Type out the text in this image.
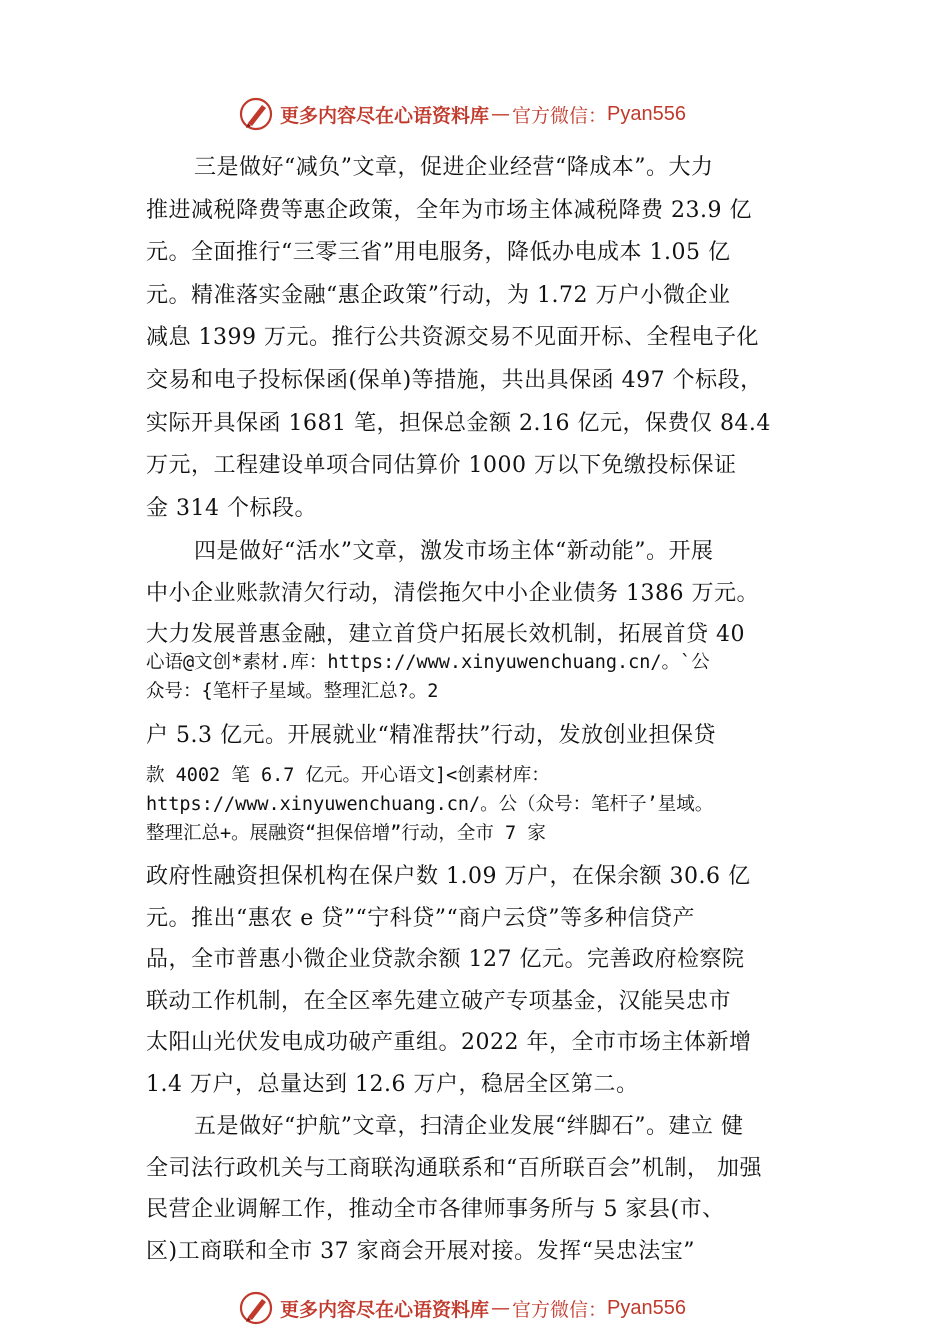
更多内容尽在心语资料库 — 官方微信： Pyan556
三是做好“减负”文章，促进企业经营“降成本”。大力
推进减税降费等惠企政策，全年为市场主体减税降费 23.9 亿
元。全面推行“三零三省”用电服务，降低办电成本 1.05 亿
元。精准落实金融“惠企政策”行动，为 1.72 万户小微企业
减息 1399 万元。推行公共资源交易不见面开标、全程电子化
交易和电子投标保函(保单)等措施，共出具保函 497 个标段，
实际开具保函 1681 笔，担保总金额 2.16 亿元，保费仅 84.4
万元，工程建设单项合同估算价 1000 万以下免缴投标保证
金 314 个标段。
四是做好“活水”文章，激发市场主体“新动能”。开展
中小企业账款清欠行动，清偿拖欠中小企业债务 1386 万元。
大力发展普惠金融，建立首贷户拓展长效机制，拓展首贷 40
心语@文创*素材.库：https://www.xinyuwenchuang.cn/。`公
众号：{笔杆子星域。整理汇总?。2
户 5.3 亿元。开展就业“精准帮扶”行动，发放创业担保贷
款 4002 笔 6.7 亿元。开心语文]<创素材库：
https://www.xinyuwenchuang.cn/。公（众号：笔杆子’星域。
整理汇总+。展融资“担保倍增”行动，全市 7 家
政府性融资担保机构在保户数 1.09 万户，在保余额 30.6 亿
元。推出“惠农 e 贷”“宁科贷”“商户云贷”等多种信贷产
品，全市普惠小微企业贷款余额 127 亿元。完善政府检察院
联动工作机制，在全区率先建立破产专项基金，汉能吴忠市
太阳山光伏发电成功破产重组。2022 年，全市市场主体新增
1.4 万户，总量达到 12.6 万户，稳居全区第二。
五是做好“护航”文章，扫清企业发展“绊脚石”。建立 健
全司法行政机关与工商联沟通联系和“百所联百会”机制， 加强
民营企业调解工作，推动全市各律师事务所与 5 家县(市、
区)工商联和全市 37 家商会开展对接。发挥“吴忠法宝”
更多内容尽在心语资料库 — 官方微信： Pyan556
